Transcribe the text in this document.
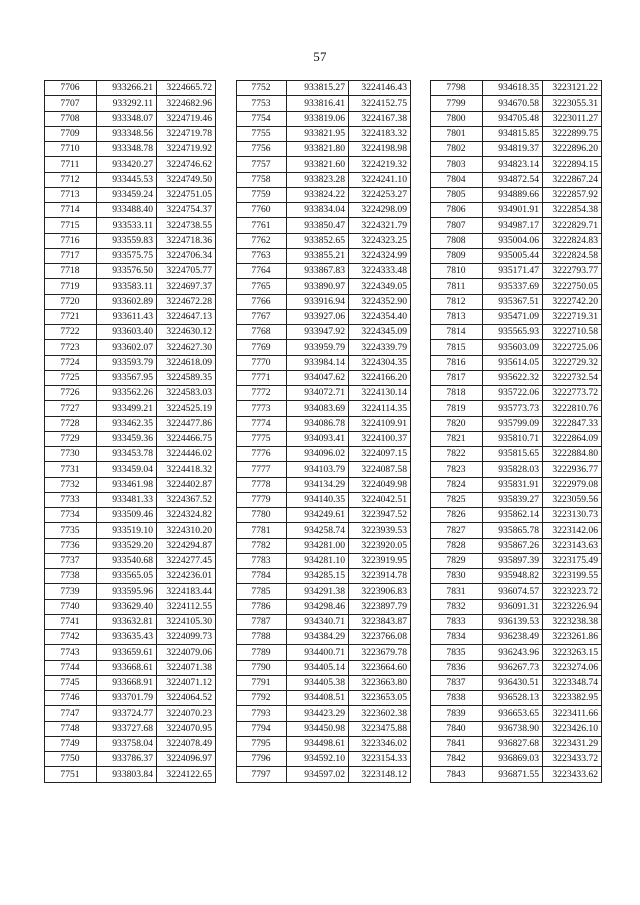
57
7706	933266.21	3224665.72
7707	933292.11	3224682.96
7708	933348.07	3224719.46
7709	933348.56	3224719.78
7710	933348.78	3224719.92
7711	933420.27	3224746.62
7712	933445.53	3224749.50
7713	933459.24	3224751.05
7714	933488.40	3224754.37
7715	933533.11	3224738.55
7716	933559.83	3224718.36
7717	933575.75	3224706.34
7718	933576.50	3224705.77
7719	933583.11	3224697.37
7720	933602.89	3224672.28
7721	933611.43	3224647.13
7722	933603.40	3224630.12
7723	933602.07	3224627.30
7724	933593.79	3224618.09
7725	933567.95	3224589.35
7726	933562.26	3224583.03
7727	933499.21	3224525.19
7728	933462.35	3224477.86
7729	933459.36	3224466.75
7730	933453.78	3224446.02
7731	933459.04	3224418.32
7732	933461.98	3224402.87
7733	933481.33	3224367.52
7734	933509.46	3224324.82
7735	933519.10	3224310.20
7736	933529.20	3224294.87
7737	933540.68	3224277.45
7738	933565.05	3224236.01
7739	933595.96	3224183.44
7740	933629.40	3224112.55
7741	933632.81	3224105.30
7742	933635.43	3224099.73
7743	933659.61	3224079.06
7744	933668.61	3224071.38
7745	933668.91	3224071.12
7746	933701.79	3224064.52
7747	933724.77	3224070.23
7748	933727.68	3224070.95
7749	933758.04	3224078.49
7750	933786.37	3224096.97
7751	933803.84	3224122.65
7752	933815.27	3224146.43
7753	933816.41	3224152.75
7754	933819.06	3224167.38
7755	933821.95	3224183.32
7756	933821.80	3224198.98
7757	933821.60	3224219.32
7758	933823.28	3224241.10
7759	933824.22	3224253.27
7760	933834.04	3224298.09
7761	933850.47	3224321.79
7762	933852.65	3224323.25
7763	933855.21	3224324.99
7764	933867.83	3224333.48
7765	933890.97	3224349.05
7766	933916.94	3224352.90
7767	933927.06	3224354.40
7768	933947.92	3224345.09
7769	933959.79	3224339.79
7770	933984.14	3224304.35
7771	934047.62	3224166.20
7772	934072.71	3224130.14
7773	934083.69	3224114.35
7774	934086.78	3224109.91
7775	934093.41	3224100.37
7776	934096.02	3224097.15
7777	934103.79	3224087.58
7778	934134.29	3224049.98
7779	934140.35	3224042.51
7780	934249.61	3223947.52
7781	934258.74	3223939.53
7782	934281.00	3223920.05
7783	934281.10	3223919.95
7784	934285.15	3223914.78
7785	934291.38	3223906.83
7786	934298.46	3223897.79
7787	934340.71	3223843.87
7788	934384.29	3223766.08
7789	934400.71	3223679.78
7790	934405.14	3223664.60
7791	934405.38	3223663.80
7792	934408.51	3223653.05
7793	934423.29	3223602.38
7794	934450.98	3223475.88
7795	934498.61	3223346.02
7796	934592.10	3223154.33
7797	934597.02	3223148.12
7798	934618.35	3223121.22
7799	934670.58	3223055.31
7800	934705.48	3223011.27
7801	934815.85	3222899.75
7802	934819.37	3222896.20
7803	934823.14	3222894.15
7804	934872.54	3222867.24
7805	934889.66	3222857.92
7806	934901.91	3222854.38
7807	934987.17	3222829.71
7808	935004.06	3222824.83
7809	935005.44	3222824.58
7810	935171.47	3222793.77
7811	935337.69	3222750.05
7812	935367.51	3222742.20
7813	935471.09	3222719.31
7814	935565.93	3222710.58
7815	935603.09	3222725.06
7816	935614.05	3222729.32
7817	935622.32	3222732.54
7818	935722.06	3222773.72
7819	935773.73	3222810.76
7820	935799.09	3222847.33
7821	935810.71	3222864.09
7822	935815.65	3222884.80
7823	935828.03	3222936.77
7824	935831.91	3222979.08
7825	935839.27	3223059.56
7826	935862.14	3223130.73
7827	935865.78	3223142.06
7828	935867.26	3223143.63
7829	935897.39	3223175.49
7830	935948.82	3223199.55
7831	936074.57	3223223.72
7832	936091.31	3223226.94
7833	936139.53	3223238.38
7834	936238.49	3223261.86
7835	936243.96	3223263.15
7836	936267.73	3223274.06
7837	936430.51	3223348.74
7838	936528.13	3223382.95
7839	936653.65	3223411.66
7840	936738.90	3223426.10
7841	936827.68	3223431.29
7842	936869.03	3223433.72
7843	936871.55	3223433.62
